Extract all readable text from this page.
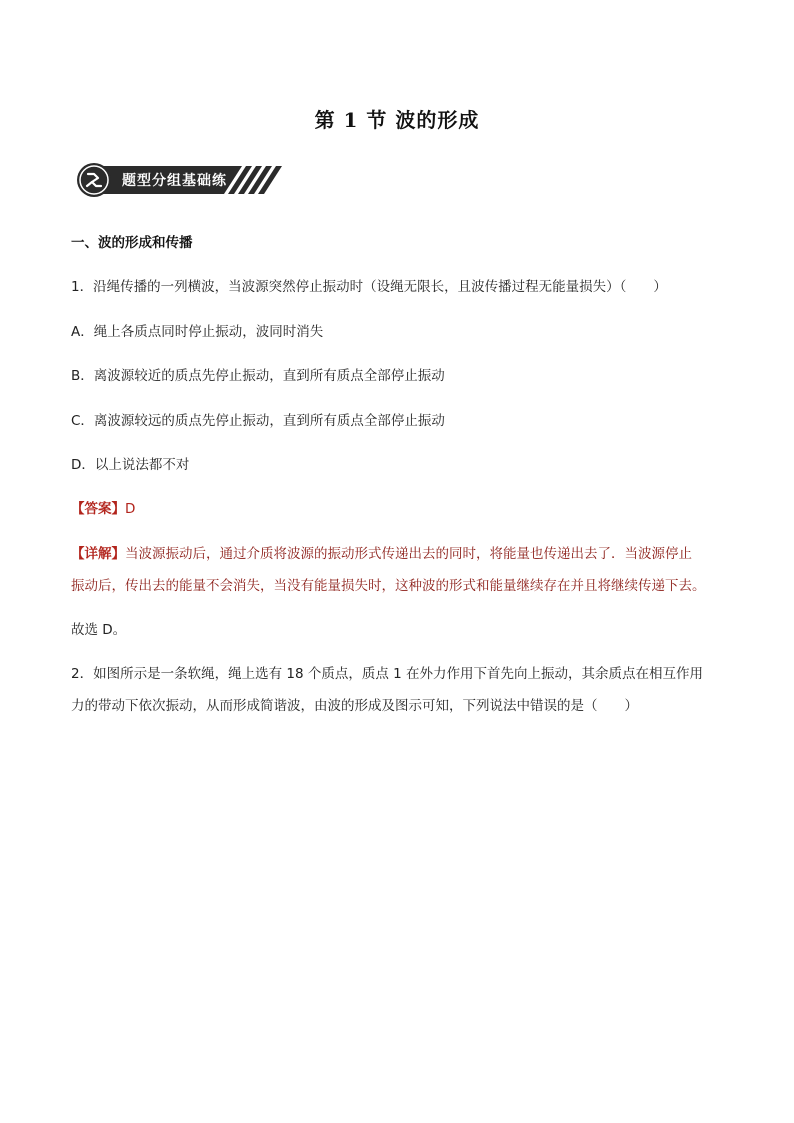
第 1 节 波的形成
题型分组基础练
一、波的形成和传播
1．沿绳传播的一列横波，当波源突然停止振动时（设绳无限长，且波传播过程无能量损失）（　　）
A．绳上各质点同时停止振动，波同时消失
B．离波源较近的质点先停止振动，直到所有质点全部停止振动
C．离波源较远的质点先停止振动，直到所有质点全部停止振动
D．以上说法都不对
【答案】D
【详解】当波源振动后，通过介质将波源的振动形式传递出去的同时，将能量也传递出去了．当波源停止
振动后，传出去的能量不会消失，当没有能量损失时，这种波的形式和能量继续存在并且将继续传递下去。
故选 D。
2．如图所示是一条软绳，绳上选有 18 个质点，质点 1 在外力作用下首先向上振动，其余质点在相互作用
力的带动下依次振动，从而形成简谐波，由波的形成及图示可知，下列说法中错误的是（　　）
